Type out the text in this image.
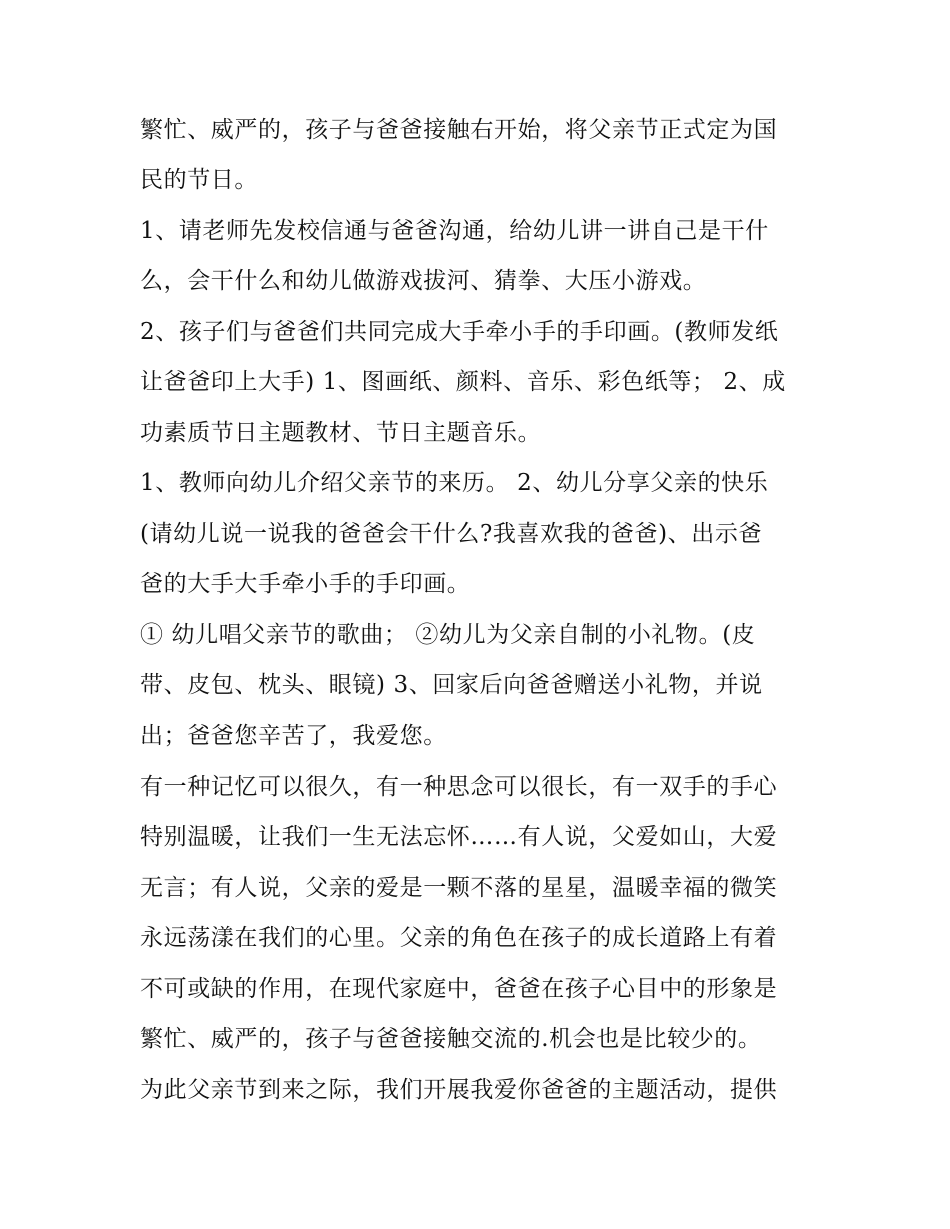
繁忙、威严的，孩子与爸爸接触右开始，将父亲节正式定为国
民的节日。
1、请老师先发校信通与爸爸沟通，给幼儿讲一讲自己是干什
么，会干什么和幼儿做游戏拔河、猜拳、大压小游戏。
2、孩子们与爸爸们共同完成大手牵小手的手印画。(教师发纸
让爸爸印上大手) 1、图画纸、颜料、音乐、彩色纸等； 2、成
功素质节日主题教材、节日主题音乐。
1、教师向幼儿介绍父亲节的来历。 2、幼儿分享父亲的快乐
(请幼儿说一说我的爸爸会干什么?我喜欢我的爸爸)、出示爸
爸的大手大手牵小手的手印画。
① 幼儿唱父亲节的歌曲； ②幼儿为父亲自制的小礼物。(皮
带、皮包、枕头、眼镜) 3、回家后向爸爸赠送小礼物，并说
出；爸爸您辛苦了，我爱您。
有一种记忆可以很久，有一种思念可以很长，有一双手的手心
特别温暖，让我们一生无法忘怀……有人说，父爱如山，大爱
无言；有人说，父亲的爱是一颗不落的星星，温暖幸福的微笑
永远荡漾在我们的心里。父亲的角色在孩子的成长道路上有着
不可或缺的作用，在现代家庭中，爸爸在孩子心目中的形象是
繁忙、威严的，孩子与爸爸接触交流的.机会也是比较少的。
为此父亲节到来之际，我们开展我爱你爸爸的主题活动，提供
